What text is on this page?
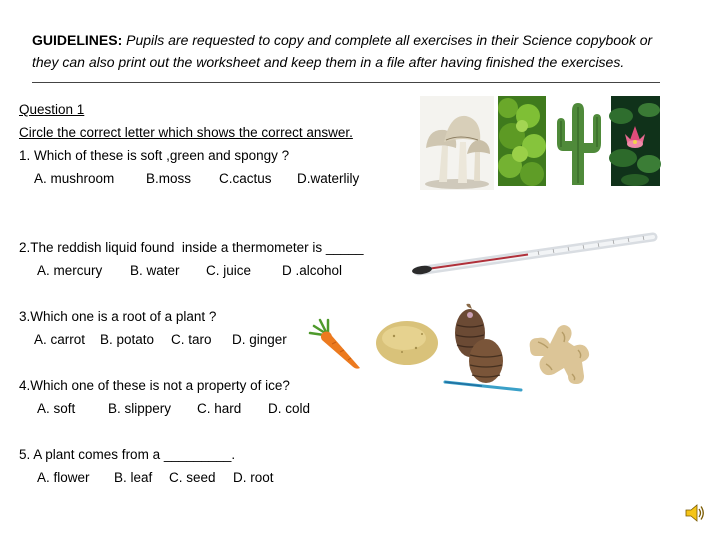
GUIDELINES: Pupils are requested to copy and complete all exercises in their Science copybook or
they can also print out the worksheet and keep them in a file after having finished the exercises.
Question 1
Circle the correct letter which shows the correct answer.
1. Which of these is soft ,green and spongy ?
A. mushroom B.moss C.cactus D.waterlily
2.The reddish liquid found  inside a thermometer is _____
A. mercury B. water C. juice D .alcohol
3.Which one is a root of a plant ?
A. carrot B. potato C. taro D. ginger
4.Which one of these is not a property of ice?
A. soft B. slippery C. hard D. cold
5. A plant comes from a _________.
A. flower B. leaf C. seed D. root
